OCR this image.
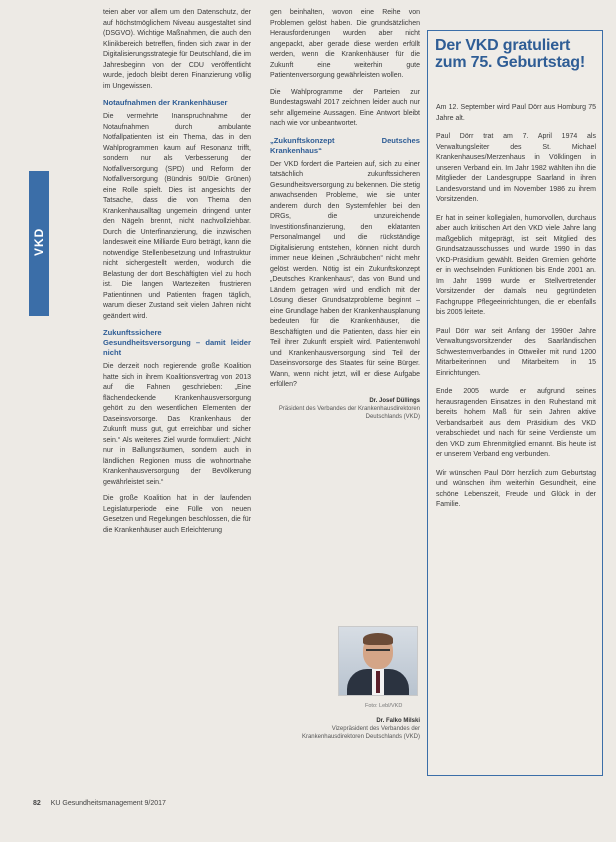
VKD

teien aber vor allem um den Datenschutz, der auf höchstmöglichem Niveau ausgestaltet sind (DSGVO). Wichtige Maßnahmen, die auch den Klinikbereich betreffen, finden sich zwar in der Digitalisierungsstrategie für Deutschland, die im Jahresbeginn von der CDU veröffentlicht wurde, jedoch bleibt deren Finanzierung völlig im Ungewissen.

Notaufnahmen der Krankenhäuser

Die vermehrte Inanspruchnahme der Notaufnahmen durch ambulante Notfallpatienten ist ein Thema, das in den Wahlprogrammen kaum auf Resonanz trifft, sondern nur als Verbesserung der Notfallversorgung (SPD) und Reform der Notfallversorgung (Bündnis 90/Die Grünen) eine Rolle spielt. Dies ist angesichts der Tatsache, dass die von Thema den Krankenhausalltag ungemein dringend unter den Nägeln brennt, nicht nachvollziehbar. Durch die Unterfinanzierung, die inzwischen landesweit eine Milliarde Euro beträgt, kann die notwendige Stellenbesetzung und Infrastruktur nicht sichergestellt werden, wodurch die Belastung der dort Beschäftigten viel zu hoch ist. Die langen Wartezeiten frustrieren Patientinnen und Patienten fragen täglich, warum dieser Zustand seit vielen Jahren nicht geändert wird.

Zukunftssichere Gesundheitsversorgung – damit leider nicht

Die derzeit noch regierende große Koalition hatte sich in ihrem Koalitionsvertrag von 2013 auf die Fahnen geschrieben: „Eine flächendeckende Krankenhausversorgung gehört zu den wesentlichen Elementen der Daseinsvorsorge. Das Krankenhaus der Zukunft muss gut, gut erreichbar und sicher sein.“ Als weiteres Ziel wurde formuliert: „Nicht nur in Ballungsräumen, sondern auch in ländlichen Regionen muss die wohnortnahe Krankenhausversorgung der Bevölkerung gewährleistet sein.“

Die große Koalition hat in der laufenden Legislaturperiode eine Fülle von neuen Gesetzen und Regelungen beschlossen, die für die Krankenhäuser auch Erleichterung

gen beinhalten, wovon eine Reihe von Problemen gelöst haben. Die grundsätzlichen Herausforderungen wurden aber nicht angepackt, aber gerade diese werden erfüllt werden, wenn die Krankenhäuser für die Zukunft eine weiterhin gute Patientenversorgung gewährleisten wollen.

Die Wahlprogramme der Parteien zur Bundestagswahl 2017 zeichnen leider auch nur sehr allgemeine Aussagen. Eine Antwort bleibt nach wie vor unbeantwortet.

„Zukunftskonzept Deutsches Krankenhaus“

Der VKD fordert die Parteien auf, sich zu einer tatsächlich zukunftssicheren Gesundheitsversorgung zu bekennen. Die stetig anwachsenden Probleme, wie sie unter anderem durch den Systemfehler bei den DRGs, die unzureichende Investitionsfinanzierung, den eklatanten Personalmangel und die rückständige Digitalisierung entstehen, können nicht durch immer neue kleinen „Schräubchen“ nicht mehr gelöst werden. Nötig ist ein Zukunftskonzept „Deutsches Krankenhaus“, das von Bund und Ländern getragen wird und endlich mit der Lösung dieser Grundsatzprobleme beginnt – eine Grundlage haben der Krankenhausplanung bedeuten für die Krankenhäuser, die Beschäftigten und die Patienten, dass hier ein Teil ihrer Zukunft erspielt wird. Patientenwohl und Krankenhausversorgung sind Teil der Daseinsvorsorge des Staates für seine Bürger. Wann, wenn nicht jetzt, will er diese Aufgabe erfüllen?

Dr. Josef Düllings
Präsident des Verbandes der Krankenhausdirektoren Deutschlands (VKD)
Foto: Lebl/VKD
Dr. Falko Milski
Vizepräsident des Verbandes der Krankenhausdirektoren Deutschlands (VKD)
Der VKD gratuliert zum 75. Geburtstag!

Am 12. September wird Paul Dörr aus Homburg 75 Jahre alt.

Paul Dörr trat am 7. April 1974 als Verwaltungsleiter des St. Michael Krankenhauses/Merzenhaus in Völklingen in unseren Verband ein. Im Jahr 1982 wählten ihn die Mitglieder der Landesgruppe Saarland in ihren Landesvorstand und im November 1986 zu ihrem Vorsitzenden.

Er hat in seiner kollegialen, humorvollen, durchaus aber auch kritischen Art den VKD viele Jahre lang maßgeblich mitgeprägt, ist seit Mitglied des Grundsatzausschusses und wurde 1990 in das VKD-Präsidium gewählt. Beiden Gremien gehörte er in wechselnden Funktionen bis Ende 2001 an. Im Jahr 1999 wurde er Stellvertretender Vorsitzender der damals neu gegründeten Fachgruppe Pflegeeinrichtungen, die er ebenfalls bis 2005 leitete.

Paul Dörr war seit Anfang der 1990er Jahre Verwaltungsvorsitzender des Saarländischen Schwesternverbandes in Ottweiler mit rund 1200 Mitarbeiterinnen und Mitarbeitern in 15 Einrichtungen.

Ende 2005 wurde er aufgrund seines herausragenden Einsatzes in den Ruhestand mit bereits hohem Maß für sein Jahren aktive Verbandsarbeit aus dem Präsidium des VKD verabschiedet und nach für seine Verdienste um den VKD zum Ehrenmitglied ernannt. Bis heute ist er unserem Verband eng verbunden.

Wir wünschen Paul Dörr herzlich zum Geburtstag und wünschen ihm weiterhin Gesundheit, eine schöne Lebenszeit, Freude und Glück in der Familie.

82 KU Gesundheitsmanagement 9/2017
